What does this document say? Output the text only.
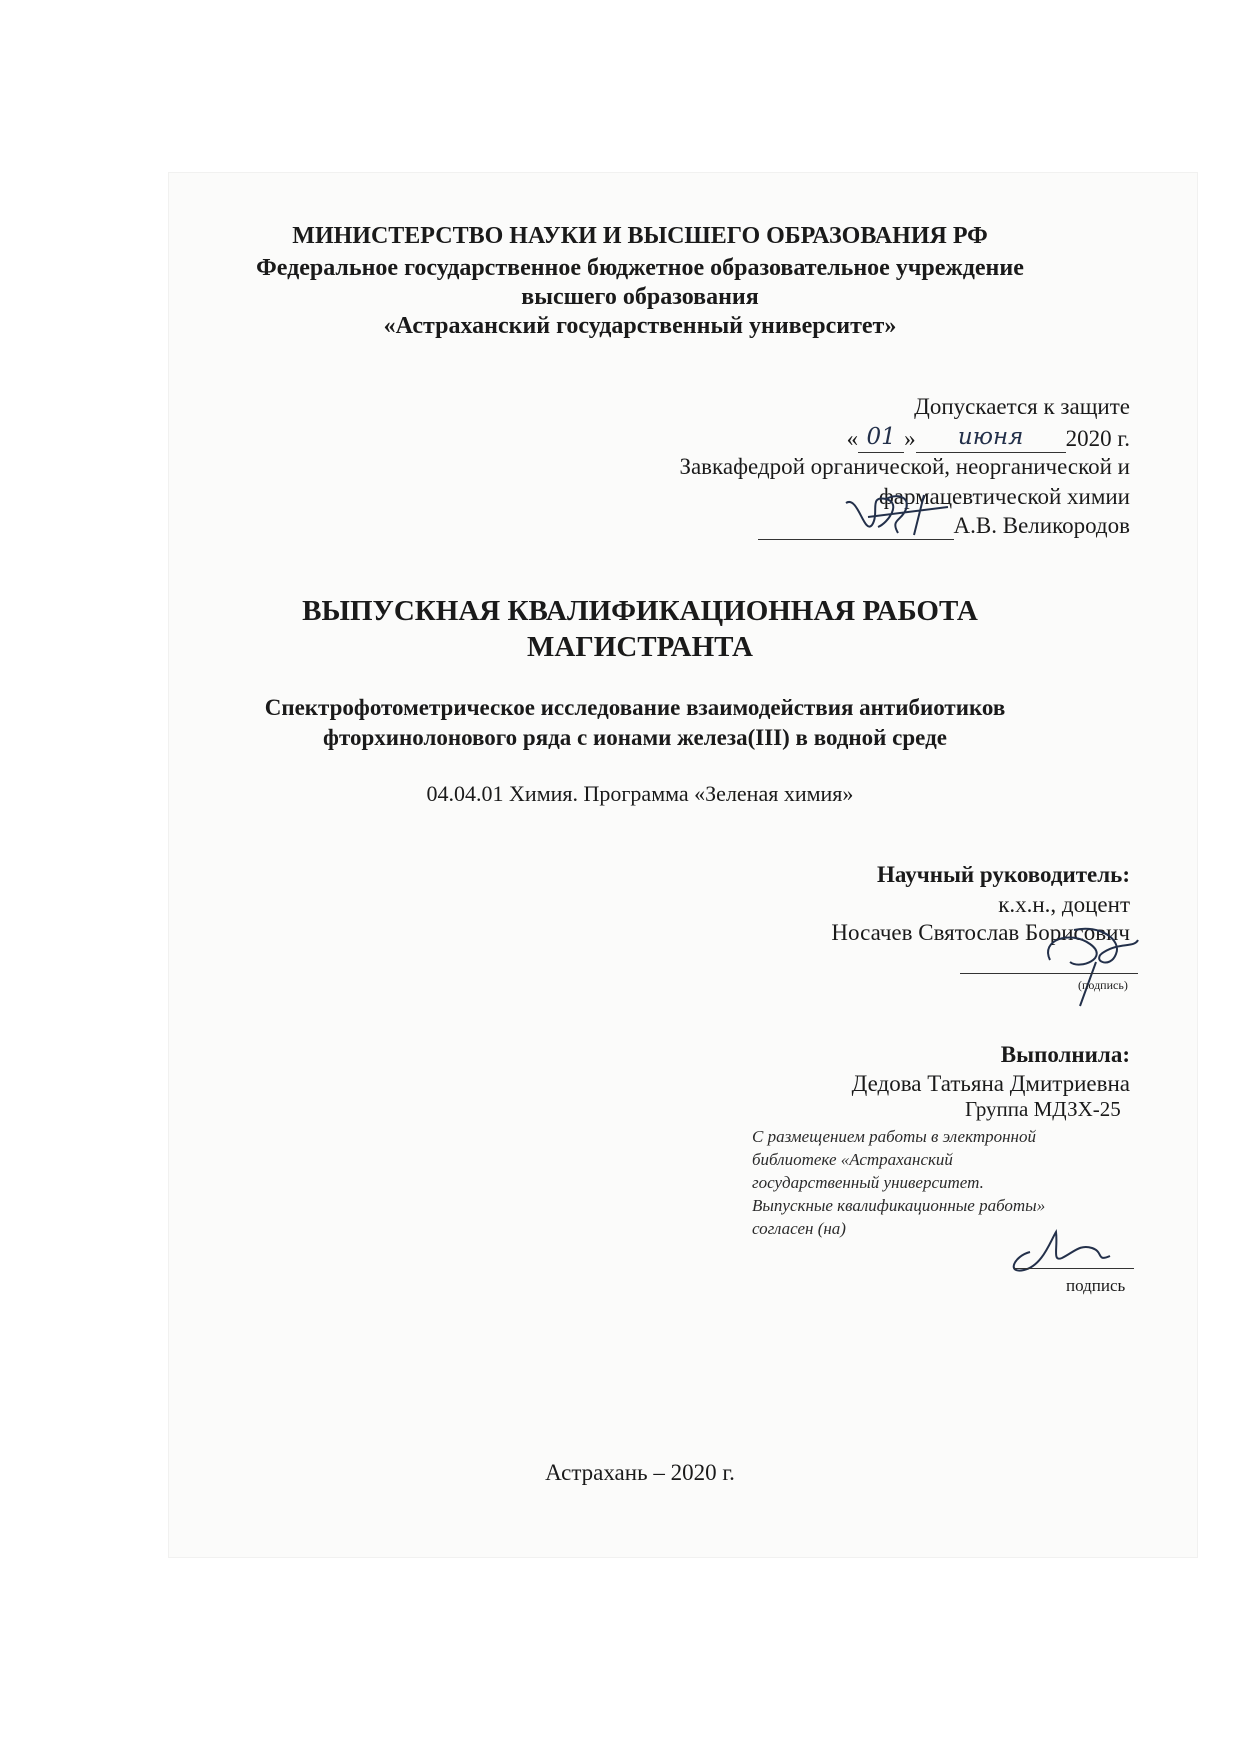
МИНИСТЕРСТВО НАУКИ И ВЫСШЕГО ОБРАЗОВАНИЯ РФ
Федеральное государственное бюджетное образовательное учреждение
высшего образования
«Астраханский государственный университет»
Допускается к защите
« 01 » июня 2020 г.
Завкафедрой органической, неорганической и
фармацевтической химии
А.В. Великородов
ВЫПУСКНАЯ КВАЛИФИКАЦИОННАЯ РАБОТА
МАГИСТРАНТА
Спектрофотометрическое исследование взаимодействия антибиотиков
фторхинолонового ряда с ионами железа(III) в водной среде
04.04.01 Химия. Программа «Зеленая химия»
Научный руководитель:
к.х.н., доцент
Носачев Святослав Борисович
(подпись)
Выполнила:
Дедова Татьяна Дмитриевна
Группа МДЗХ-25
С размещением работы в электронной
библиотеке «Астраханский
государственный университет.
Выпускные квалификационные работы»
согласен (на)
подпись
Астрахань – 2020 г.
